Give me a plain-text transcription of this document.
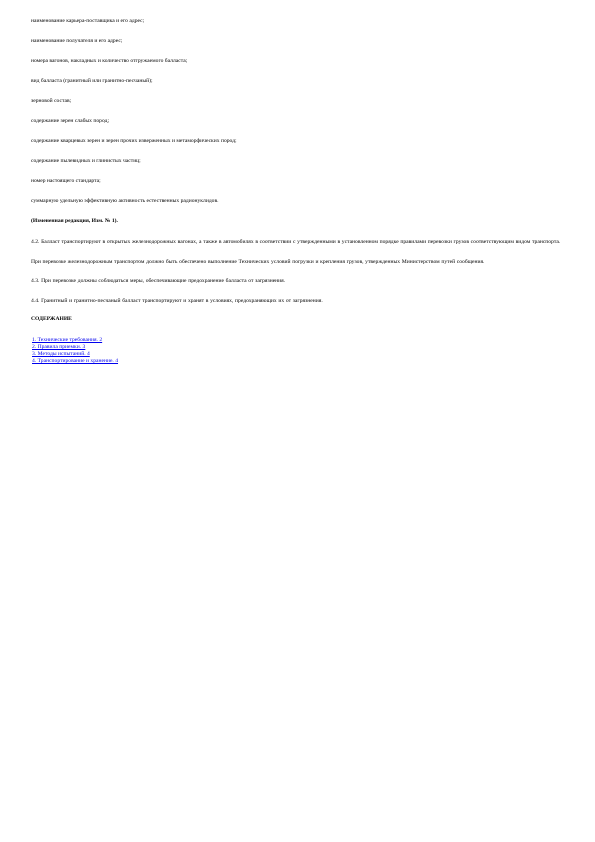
наименование карьера-поставщика и его адрес;

наименование получателя и его адрес;

номера вагонов, накладных и количество отгружаемого балласта;

вид балласта (гранитный или гранитно-песчаный);

зерновой состав;

содержание зерен слабых пород;

содержание кварцевых зерен и зерен прочих изверженных и метаморфических пород;

содержание пылевидных и глинистых частиц;

номер настоящего стандарта;

суммарную удельную эффективную активность естественных радионуклидов.

(Измененная редакция, Изм. № 1).

4.2. Балласт транспортируют в открытых железнодорожных вагонах, а также в автомобилях в соответствии с утвержденными в установленном порядке правилами перевозки грузов соответствующим видом транспорта.

При перевозке железнодорожным транспортом должно быть обеспечено выполнение Технических условий погрузки и крепления грузов, утвержденных Министерством путей сообщения.

4.3. При перевозке должны соблюдаться меры, обеспечивающие предохранение балласта от загрязнения.

4.4. Гранитный и гранитно-песчаный балласт транспортируют и хранят в условиях, предохраняющих их от загрязнения.

СОДЕРЖАНИЕ

1. Технические требования. 2
2. Правила приемки. 3
3. Методы испытаний. 4
4. Транспортирование и хранение. 4
